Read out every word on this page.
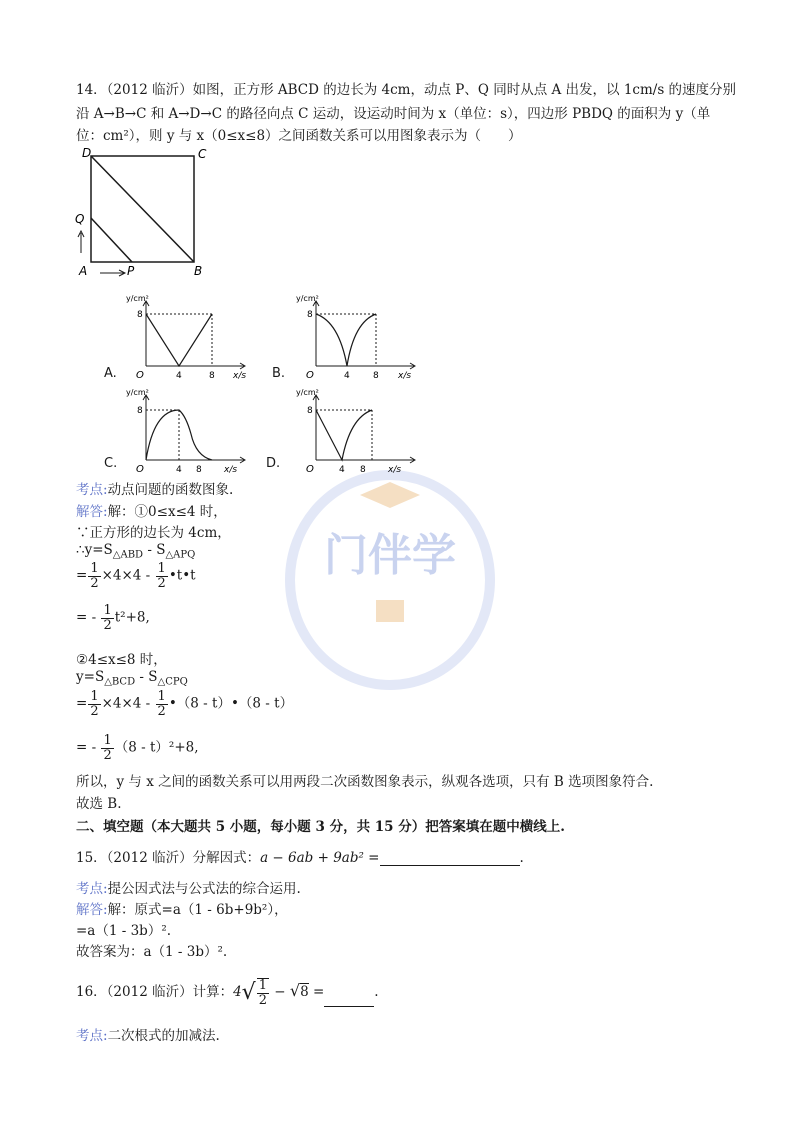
门伴学
14．（2012 临沂）如图，正方形 ABCD 的边长为 4cm，动点 P、Q 同时从点 A 出发，以 1cm/s 的速度分别
沿 A→B→C 和 A→D→C 的路径向点 C 运动，设运动时间为 x（单位：s），四边形 PBDQ 的面积为 y（单
位：cm²），则 y 与 x（0≤x≤8）之间函数关系可以用图象表示为（　　）
D	C
Q
A	P	B
A.
y/cm²
8
O	4	8 x/s B.
y/cm²
8
O	4	8 x/s
C.
y/cm²
8
O	4 8 x/s D.
y/cm²
8
O	4 8 x/s
考点:动点问题的函数图象.
解答:解：①0≤x≤4 时，
∵正方形的边长为 4cm，
$\therefore y=S_{\triangle ABD} - S_{\triangle APQ}$
= $\frac{1}{2} \times 4\times 4 - \frac{1}{2}$ •t•t
= - $\frac{1}{2} t^2+8$,
②4≤x≤8 时，
$y=S_{\triangle BCD} - S_{\triangle CPQ}$
= $\frac{1}{2} \times 4\times 4 - \frac{1}{2}$ •（8 - t）•（8 - t）
= - $\frac{1}{2} (8 - t)^2+8$,
所以，y 与 x 之间的函数关系可以用两段二次函数图象表示，纵观各选项，只有 B 选项图象符合.
故选 B.
二、填空题（本大题共 5 小题，每小题 3 分，共 15 分）把答案填在题中横线上.
15．（2012 临沂）分解因式：a − 6ab + 9ab² =	.
考点:提公因式法与公式法的综合运用.
解答:解：原式=a（1 - 6b+9b²），
=a（1 - 3b）².
故答案为：a（1 - 3b）².
16．（2012 临沂）计算：$4√ \frac{1}{2} - √8$ =	.
考点:二次根式的加减法.
